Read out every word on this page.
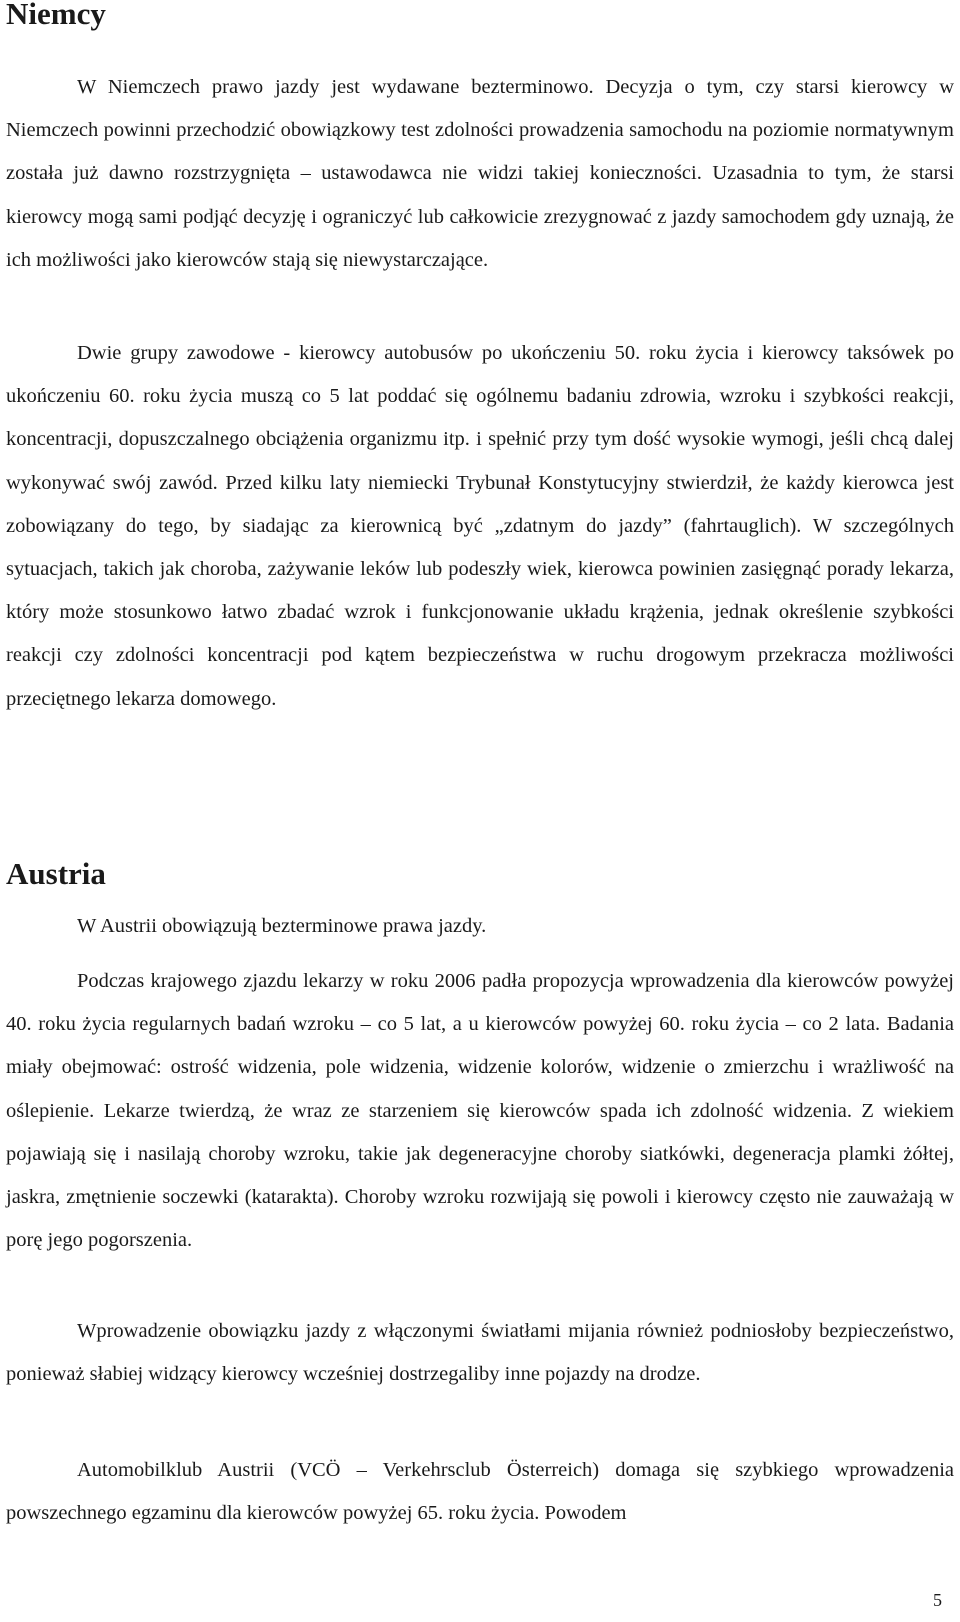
Niemcy

W Niemczech prawo jazdy jest wydawane bezterminowo. Decyzja o tym, czy starsi kierowcy w Niemczech powinni przechodzić obowiązkowy test zdolności prowadzenia samochodu na poziomie normatywnym została już dawno rozstrzygnięta – ustawodawca nie widzi takiej konieczności. Uzasadnia to tym, że starsi kierowcy mogą sami podjąć decyzję i ograniczyć lub całkowicie zrezygnować z jazdy samochodem gdy uznają, że ich możliwości jako kierowców stają się niewystarczające.

Dwie grupy zawodowe - kierowcy autobusów po ukończeniu 50. roku życia i kierowcy taksówek po ukończeniu 60. roku życia muszą co 5 lat poddać się ogólnemu badaniu zdrowia, wzroku i szybkości reakcji, koncentracji, dopuszczalnego obciążenia organizmu itp. i spełnić przy tym dość wysokie wymogi, jeśli chcą dalej wykonywać swój zawód. Przed kilku laty niemiecki Trybunał Konstytucyjny stwierdził, że każdy kierowca jest zobowiązany do tego, by siadając za kierownicą być „zdatnym do jazdy” (fahrtauglich). W szczególnych sytuacjach, takich jak choroba, zażywanie leków lub podeszły wiek, kierowca powinien zasięgnąć porady lekarza, który może stosunkowo łatwo zbadać wzrok i funkcjonowanie układu krążenia, jednak określenie szybkości reakcji czy zdolności koncentracji pod kątem bezpieczeństwa w ruchu drogowym przekracza możliwości przeciętnego lekarza domowego.

Austria

W Austrii obowiązują bezterminowe prawa jazdy.

Podczas krajowego zjazdu lekarzy w roku 2006 padła propozycja wprowadzenia dla kierowców powyżej 40. roku życia regularnych badań wzroku – co 5 lat, a u kierowców powyżej 60. roku życia – co 2 lata. Badania miały obejmować: ostrość widzenia, pole widzenia, widzenie kolorów, widzenie o zmierzchu i wrażliwość na oślepienie. Lekarze twierdzą, że wraz ze starzeniem się kierowców spada ich zdolność widzenia. Z wiekiem pojawiają się i nasilają choroby wzroku, takie jak degeneracyjne choroby siatkówki, degeneracja plamki żółtej, jaskra, zmętnienie soczewki (katarakta). Choroby wzroku rozwijają się powoli i kierowcy często nie zauważają w porę jego pogorszenia.

Wprowadzenie obowiązku jazdy z włączonymi światłami mijania również podniosłoby bezpieczeństwo, ponieważ słabiej widzący kierowcy wcześniej dostrzegaliby inne pojazdy na drodze.

Automobilklub Austrii (VCÖ – Verkehrsclub Österreich) domaga się szybkiego wprowadzenia powszechnego egzaminu dla kierowców powyżej 65. roku życia. Powodem

5
